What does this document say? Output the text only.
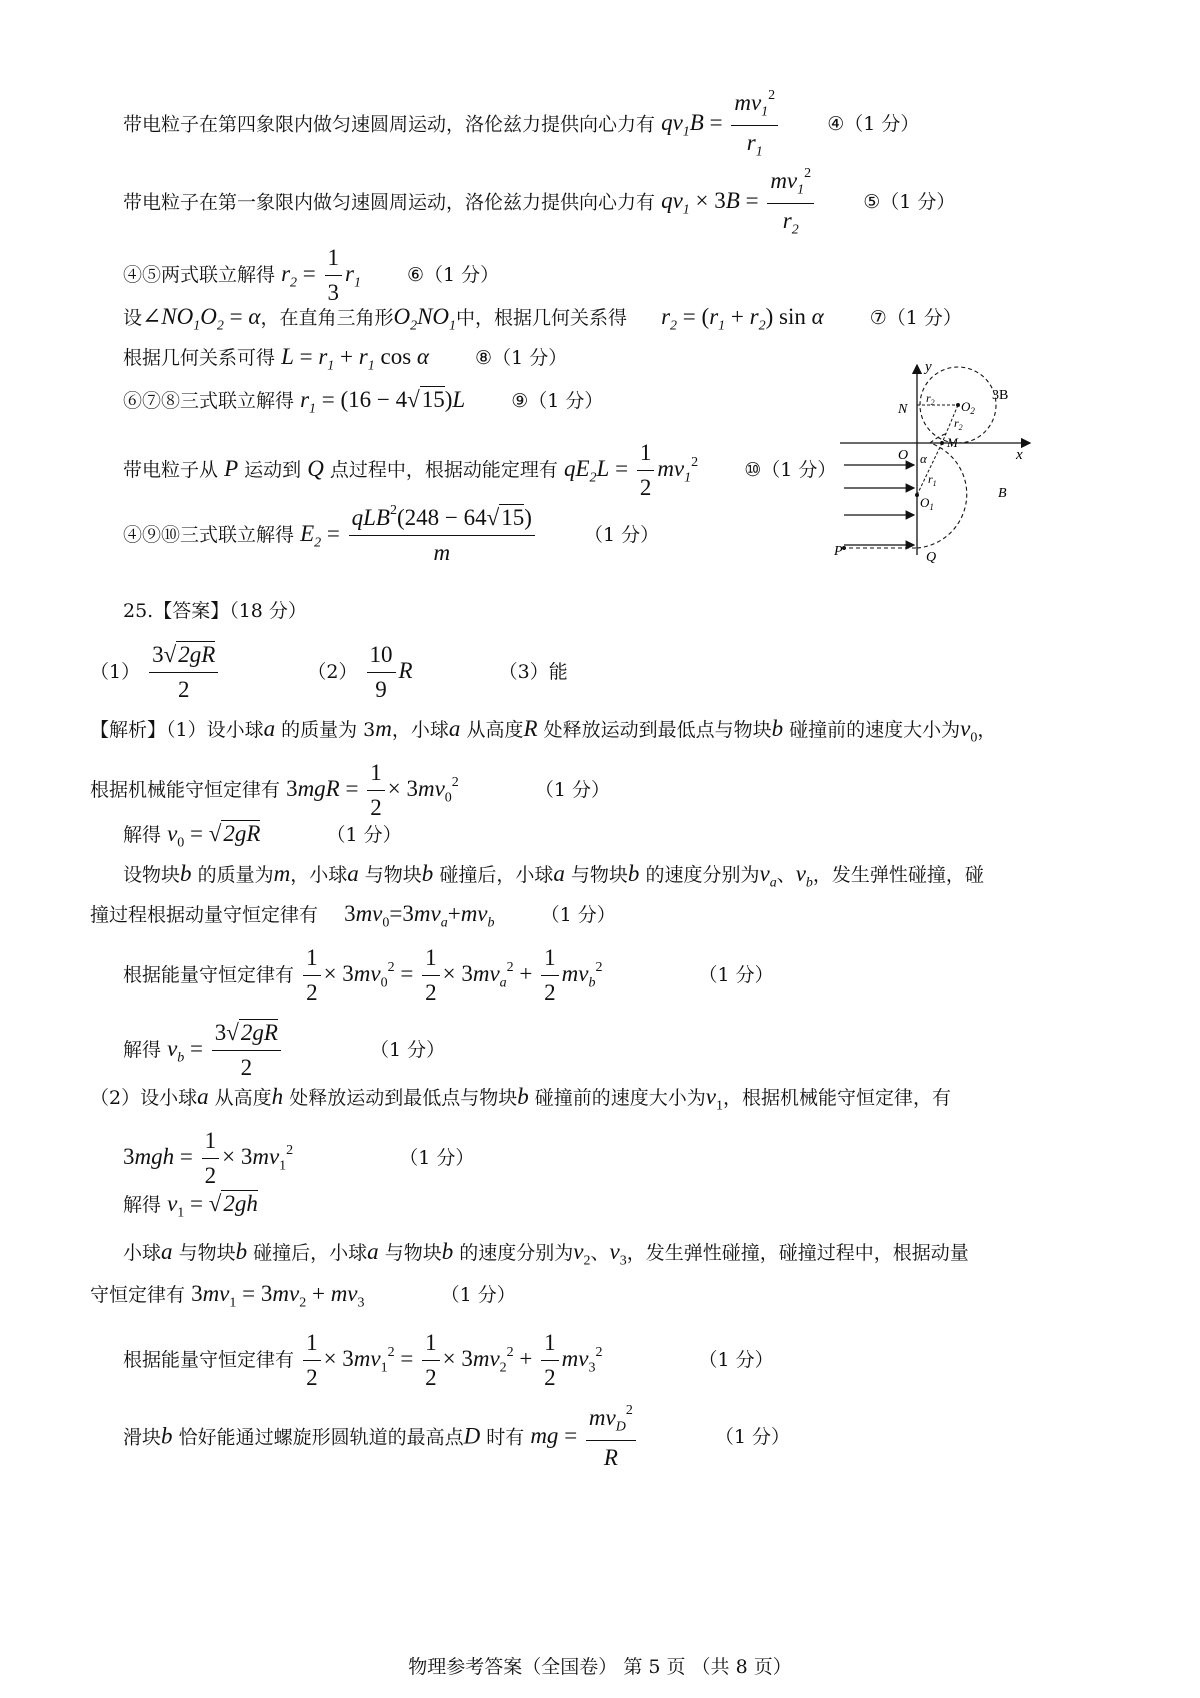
带电粒子在第四象限内做匀速圆周运动，洛伦兹力提供向心力有 $qv_1B = \frac{mv_1^2}{r_1}$	④（1 分）
带电粒子在第一象限内做匀速圆周运动，洛伦兹力提供向心力有 $qv_1 \times 3B = \frac{mv_1^2}{r_2}$	⑤（1 分）
④⑤两式联立解得 $r_2 = \frac{1}{3} r_1$ ⑥（1 分）
设$\angle NO_1O_2 = \alpha$，在直角三角形$O_2NO_1$中，根据几何关系得 $r_2 = (r_1 + r_2)$ sin α ⑦（1 分）
根据几何关系可得 $L = r_1 + r_1$ cos α ⑧（1 分）
⑥⑦⑧三式联立解得 $r_1 = (16 - 4√15)L$ ⑨（1 分）
带电粒子从 P 运动到 Q 点过程中，根据动能定理有 $qE_2L = \frac{1}{2} mv_1^2$ ⑩（1 分）
④⑨⑩三式联立解得 $E_2 = \frac{qLB^2(248 - 64√15)}{m}$	（1 分）
y
x
3B
B
N
O
$O_1$
$O_2$
M
P	Q
α
$r_1$
$r_2$
$r_2$
25.【答案】（18 分）
$(1) \frac{3√2gR}{2}$	$(2) \frac{10}{9}$ R	（3）能
【解析】（1）设小球a 的质量为 3m，小球a 从高度R 处释放运动到最低点与物块b 碰撞前的速度大小为$v_0$，
根据机械能守恒定律有 $3mgR = \frac{1}{2} \times 3mv_0^2$	（1 分）
解得 $v_0 = √2gR$	（1 分）
设物块b 的质量为m，小球a 与物块b 碰撞后，小球a 与物块b 的速度分别为$v_a$、$v_b$，发生弹性碰撞，碰
撞过程根据动量守恒定律有 $3mv_0=3mv_a+mv_b$ （1 分）
根据能量守恒定律有 $\frac{1}{2} \times 3mv_0^2 = \frac{1}{2} \times 3mv_a^2 + \frac{1}{2} mv_b^2$	（1 分）
解得 $v_b = \frac{3√2gR}{2}$	（1 分）
（2）设小球a 从高度h 处释放运动到最低点与物块b 碰撞前的速度大小为$v_1$，根据机械能守恒定律，有
$3mgh = \frac{1}{2} \times 3mv_1^2$	（1 分）
解得 $v_1 = √2gh$
小球a 与物块b 碰撞后，小球a 与物块b 的速度分别为$v_2$、$v_3$，发生弹性碰撞，碰撞过程中，根据动量
守恒定律有 $3mv_1 = 3mv_2 + mv_3$	（1 分）
根据能量守恒定律有 $\frac{1}{2} \times 3mv_1^2 = \frac{1}{2} \times 3mv_2^2 + \frac{1}{2} mv_3^2$	（1 分）
滑块b 恰好能通过螺旋形圆轨道的最高点D 时有 mg = $\frac{mv_D^2}{R}$	（1 分）
物理参考答案（全国卷） 第 5 页 （共 8 页）
